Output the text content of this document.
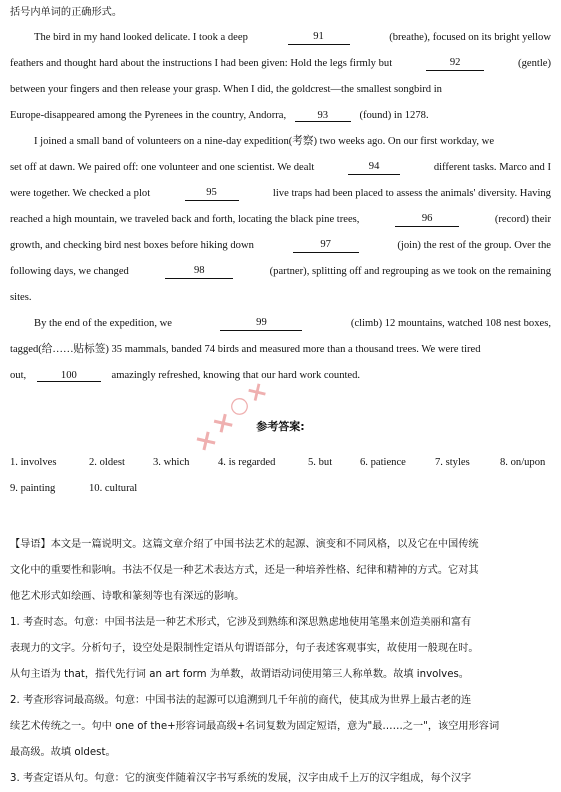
括号内单词的正确形式。
The bird in my hand looked delicate. I took a deep	91	(breathe), focused on its bright yellow
feathers and thought hard about the instructions I had been given: Hold the legs firmly but	92	(gentle)
between your fingers and then release your grasp. When I did, the goldcrest—the smallest songbird in
Europe-disappeared among the Pyrenees in the country, Andorra,	93	(found) in 1278.
I joined a small band of volunteers on a nine-day expedition(考察) two weeks ago. On our first workday, we
set off at dawn. We paired off: one volunteer and one scientist. We dealt	94	different tasks. Marco and I
were together. We checked a plot	95	live traps had been placed to assess the animals' diversity. Having
reached a high mountain, we traveled back and forth, locating the black pine trees,	96	(record) their
growth, and checking bird nest boxes before hiking down	97	(join) the rest of the group. Over the
following days, we changed	98	(partner), splitting off and regrouping as we took on the remaining
sites.
By the end of the expedition, we	99	(climb) 12 mountains, watched 108 nest boxes,
tagged(给……贴标签) 35 mammals, banded 74 birds and measured more than a thousand trees. We were tired
out,	100	amazingly refreshed, knowing that our hard work counted.
×
×
○
×
参考答案:
1. involves	2. oldest	3. which	4. is regarded	5. but	6. patience	7. styles	8. on/upon
9. painting	10. cultural
【导语】本文是一篇说明文。这篇文章介绍了中国书法艺术的起源、演变和不同风格，以及它在中国传统
文化中的重要性和影响。书法不仅是一种艺术表达方式，还是一种培养性格、纪律和精神的方式。它对其
他艺术形式如绘画、诗歌和篆刻等也有深远的影响。
1. 考查时态。句意：中国书法是一种艺术形式，它涉及到熟练和深思熟虑地使用笔墨来创造美丽和富有
表现力的文字。分析句子，设空处是限制性定语从句谓语部分，句子表述客观事实，故使用一般现在时。
从句主语为 that，指代先行词 an art form 为单数，故谓语动词使用第三人称单数。故填 involves。
2. 考查形容词最高级。句意：中国书法的起源可以追溯到几千年前的商代，使其成为世界上最古老的连
续艺术传统之一。句中 one of the+形容词最高级+名词复数为固定短语，意为"最……之一"，该空用形容词
最高级。故填 oldest。
3. 考查定语从句。句意：它的演变伴随着汉字书写系统的发展，汉字由成千上万的汉字组成，每个汉字
